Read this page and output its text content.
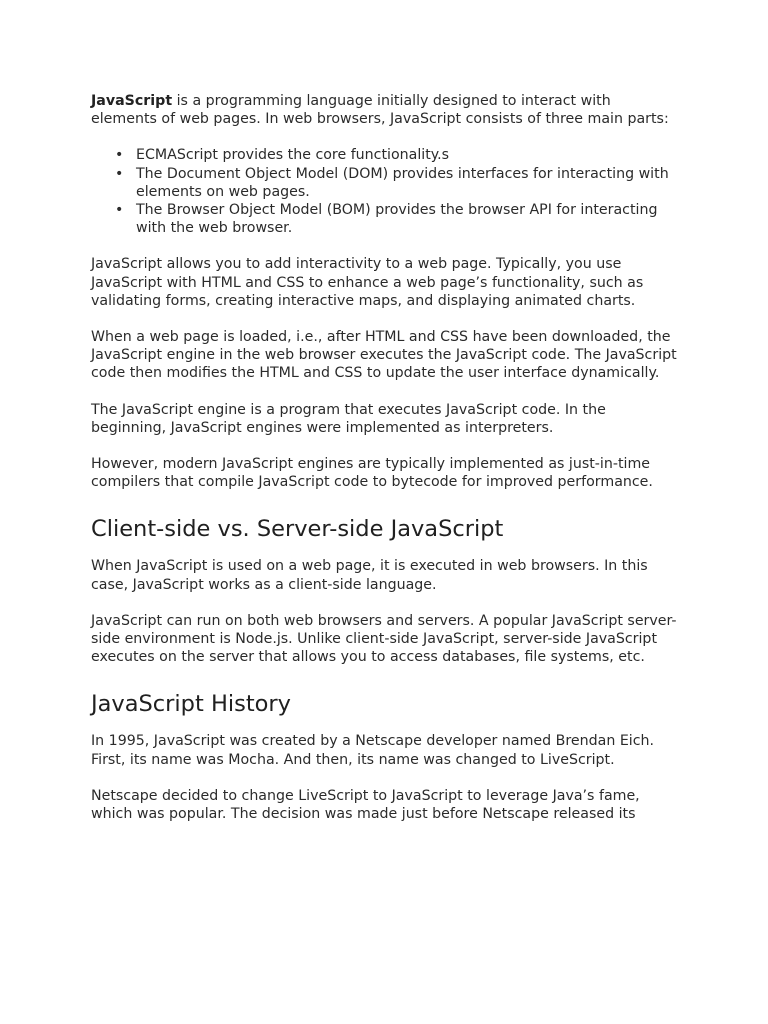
JavaScript is a programming language initially designed to interact with elements of web pages. In web browsers, JavaScript consists of three main parts:

• ECMAScript provides the core functionality.s
• The Document Object Model (DOM) provides interfaces for interacting with elements on web pages.
• The Browser Object Model (BOM) provides the browser API for interacting with the web browser.

JavaScript allows you to add interactivity to a web page. Typically, you use JavaScript with HTML and CSS to enhance a web page’s functionality, such as validating forms, creating interactive maps, and displaying animated charts.

When a web page is loaded, i.e., after HTML and CSS have been downloaded, the JavaScript engine in the web browser executes the JavaScript code. The JavaScript code then modifies the HTML and CSS to update the user interface dynamically.

The JavaScript engine is a program that executes JavaScript code. In the beginning, JavaScript engines were implemented as interpreters.

However, modern JavaScript engines are typically implemented as just-in-time compilers that compile JavaScript code to bytecode for improved performance.

Client-side vs. Server-side JavaScript

When JavaScript is used on a web page, it is executed in web browsers. In this case, JavaScript works as a client-side language.

JavaScript can run on both web browsers and servers. A popular JavaScript server-side environment is Node.js. Unlike client-side JavaScript, server-side JavaScript executes on the server that allows you to access databases, file systems, etc.

JavaScript History

In 1995, JavaScript was created by a Netscape developer named Brendan Eich. First, its name was Mocha. And then, its name was changed to LiveScript.

Netscape decided to change LiveScript to JavaScript to leverage Java’s fame, which was popular. The decision was made just before Netscape released its
